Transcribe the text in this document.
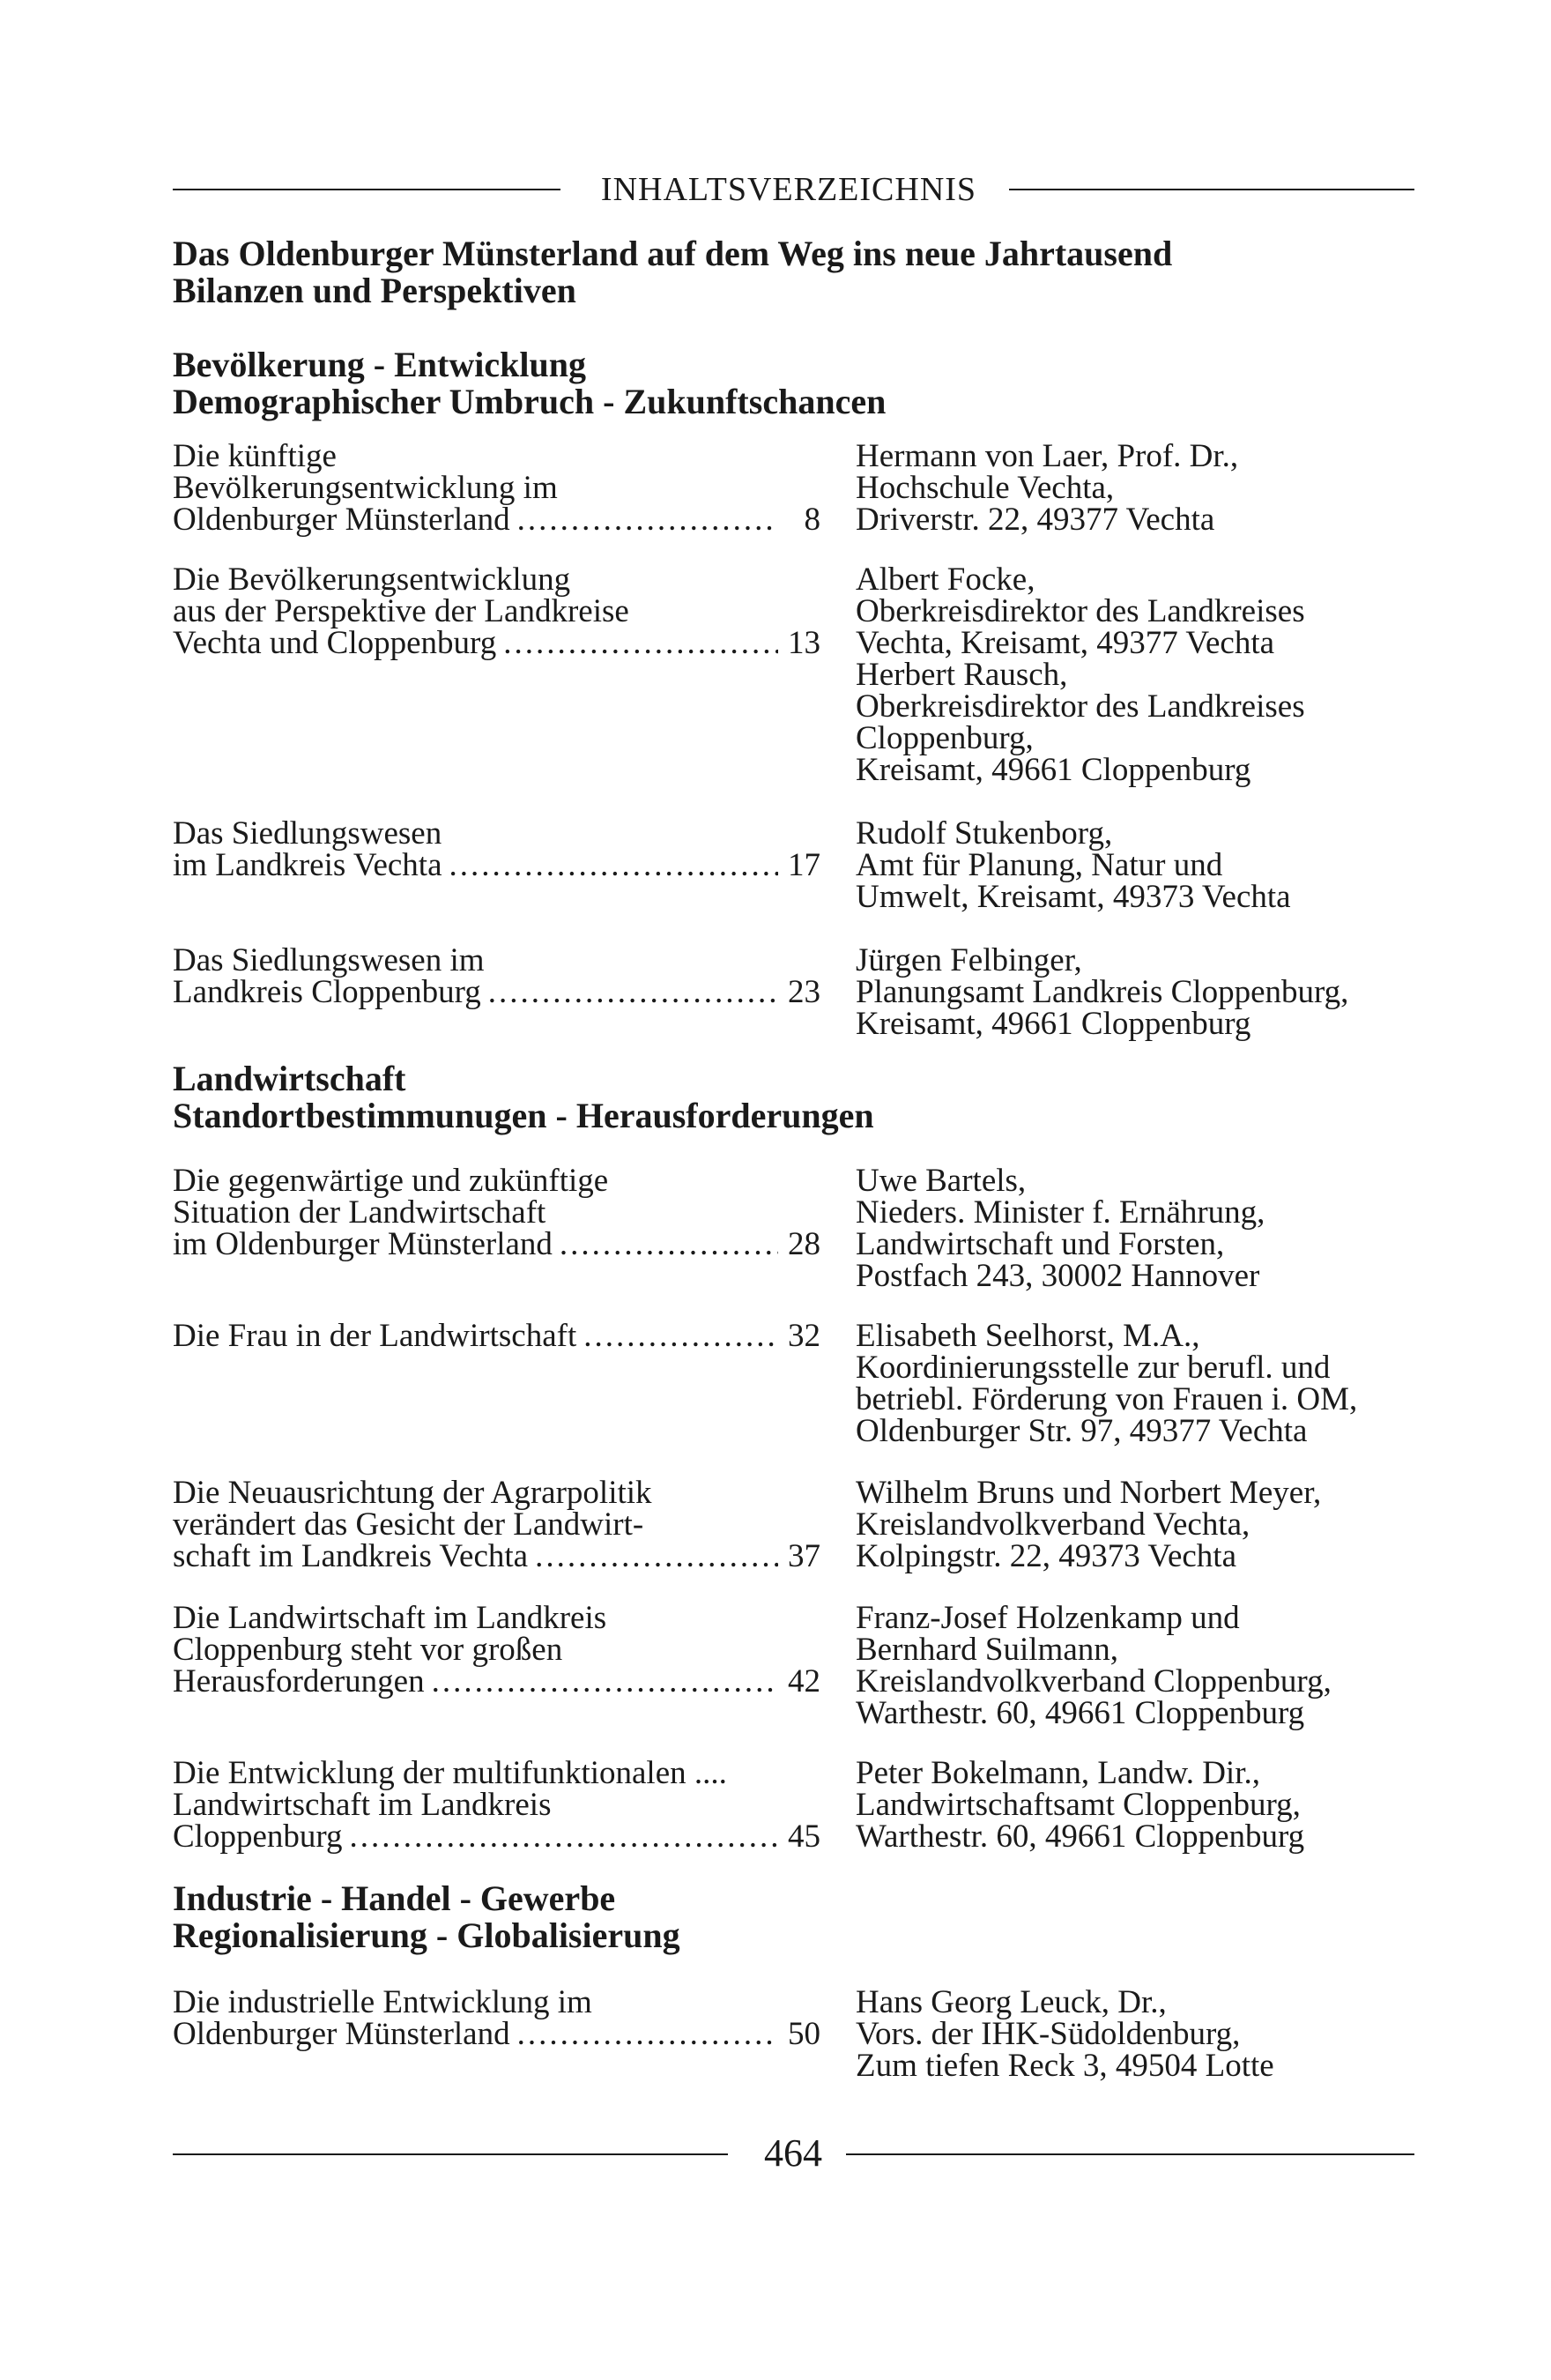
INHALTSVERZEICHNIS
Das Oldenburger Münsterland auf dem Weg ins neue Jahrtausend
Bilanzen und Perspektiven
Bevölkerung - Entwicklung
Demographischer Umbruch - Zukunftschancen
Landwirtschaft
Standortbestimmunugen - Herausforderungen
Industrie - Handel - Gewerbe
Regionalisierung - Globalisierung
Die künftige
Bevölkerungsentwicklung im
Oldenburger Münsterland .....	8
Hermann von Laer, Prof. Dr.,
Hochschule Vechta,
Driverstr. 22, 49377 Vechta
Die Bevölkerungsentwicklung
aus der Perspektive der Landkreise
Vechta und Cloppenburg .....	13
Albert Focke,
Oberkreisdirektor des Landkreises
Vechta, Kreisamt, 49377 Vechta
Herbert Rausch,
Oberkreisdirektor des Landkreises
Cloppenburg,
Kreisamt, 49661 Cloppenburg
Das Siedlungswesen
im Landkreis Vechta .....	17
Rudolf Stukenborg,
Amt für Planung, Natur und
Umwelt, Kreisamt, 49373 Vechta
Das Siedlungswesen im
Landkreis Cloppenburg .....	23
Jürgen Felbinger,
Planungsamt Landkreis Cloppenburg,
Kreisamt, 49661 Cloppenburg
Die gegenwärtige und zukünftige
Situation der Landwirtschaft
im Oldenburger Münsterland .....	28
Uwe Bartels,
Nieders. Minister f. Ernährung,
Landwirtschaft und Forsten,
Postfach 243, 30002 Hannover
Die Frau in der Landwirtschaft .....	32 Elisabeth Seelhorst, M.A.,
Koordinierungsstelle zur berufl. und
betriebl. Förderung von Frauen i. OM,
Oldenburger Str. 97, 49377 Vechta
Die Neuausrichtung der Agrarpolitik
verändert das Gesicht der Landwirt-
schaft im Landkreis Vechta .....	37
Wilhelm Bruns und Norbert Meyer,
Kreislandvolkverband Vechta,
Kolpingstr. 22, 49373 Vechta
Die Landwirtschaft im Landkreis
Cloppenburg steht vor großen
Herausforderungen .....	42
Franz-Josef Holzenkamp und
Bernhard Suilmann,
Kreislandvolkverband Cloppenburg,
Warthestr. 60, 49661 Cloppenburg
Die Entwicklung der multifunktionalen ....
Landwirtschaft im Landkreis
Cloppenburg .....	45
Peter Bokelmann, Landw. Dir.,
Landwirtschaftsamt Cloppenburg,
Warthestr. 60, 49661 Cloppenburg
Die industrielle Entwicklung im
Oldenburger Münsterland .....	50
Hans Georg Leuck, Dr.,
Vors. der IHK-Südoldenburg,
Zum tiefen Reck 3, 49504 Lotte
464
